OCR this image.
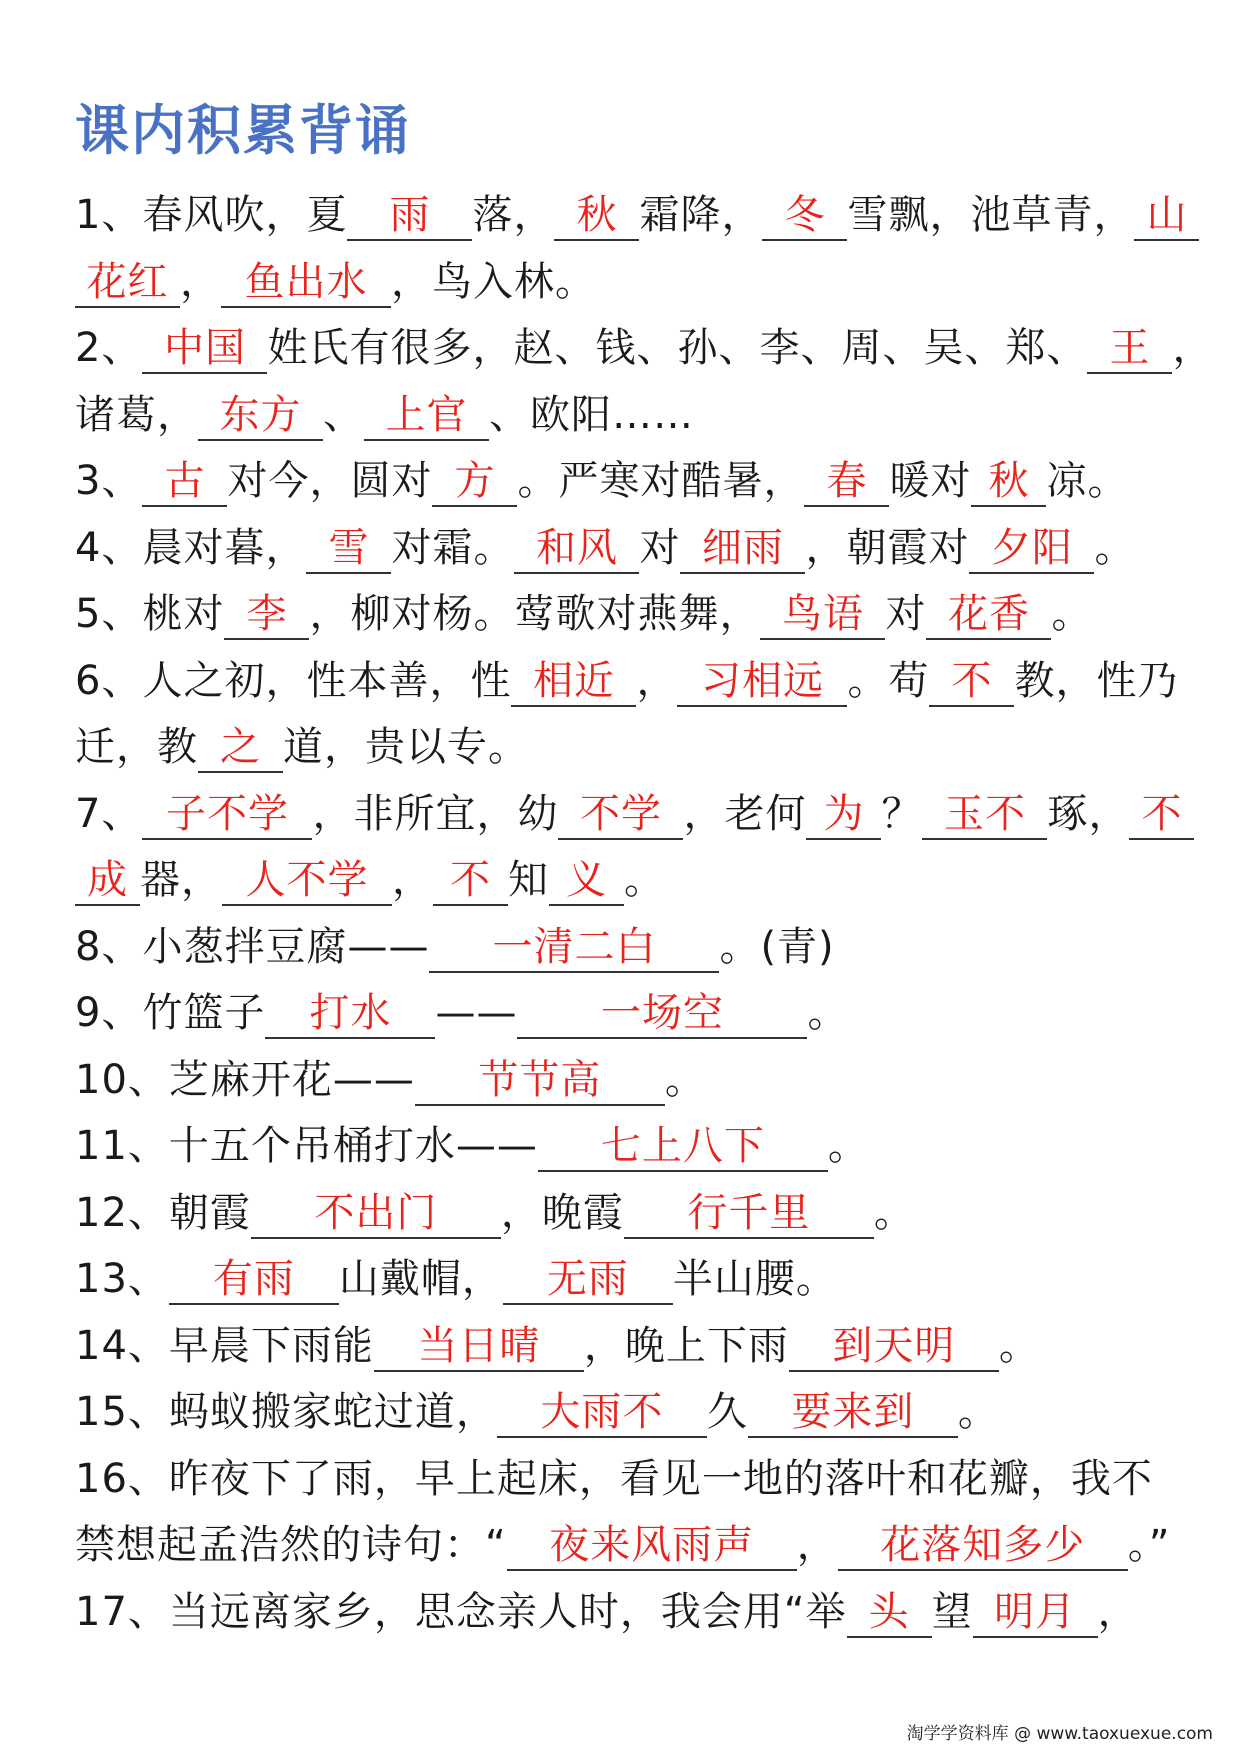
课内积累背诵
1、春风吹，夏 雨 落， 秋 霜降， 冬 雪飘，池草青， 山
花红 ， 鱼出水 ，鸟入林。
2、 中国 姓氏有很多，赵、钱、孙、李、周、吴、郑、 王 ，
诸葛， 东方 、 上官 、欧阳……
3、 古 对今，圆对 方 。严寒对酷暑， 春 暖对 秋 凉。
4、晨对暮， 雪 对霜。 和风 对 细雨 ，朝霞对 夕阳 。
5、桃对 李 ，柳对杨。莺歌对燕舞， 鸟语 对 花香 。
6、人之初，性本善，性 相近 ， 习相远 。苟 不 教，性乃
迁，教 之 道，贵以专。
7、 子不学 ，非所宜，幼 不学 ，老何 为 ？ 玉不 琢， 不
成 器， 人不学 ， 不 知 义 。
8、小葱拌豆腐—— 一清二白 。(青)
9、竹篮子 打水 —— 一场空 。
10、芝麻开花—— 节节高 。
11、十五个吊桶打水—— 七上八下 。
12、朝霞 不出门 ，晚霞 行千里 。
13、 有雨 山戴帽， 无雨 半山腰。
14、早晨下雨能 当日晴 ，晚上下雨 到天明 。
15、蚂蚁搬家蛇过道， 大雨不 久 要来到 。
16、昨夜下了雨，早上起床，看见一地的落叶和花瓣，我不
禁想起孟浩然的诗句：“ 夜来风雨声 ， 花落知多少 。”
17、当远离家乡，思念亲人时，我会用“举 头 望 明月 ，
淘学学资料库 @ www.taoxuexue.com
